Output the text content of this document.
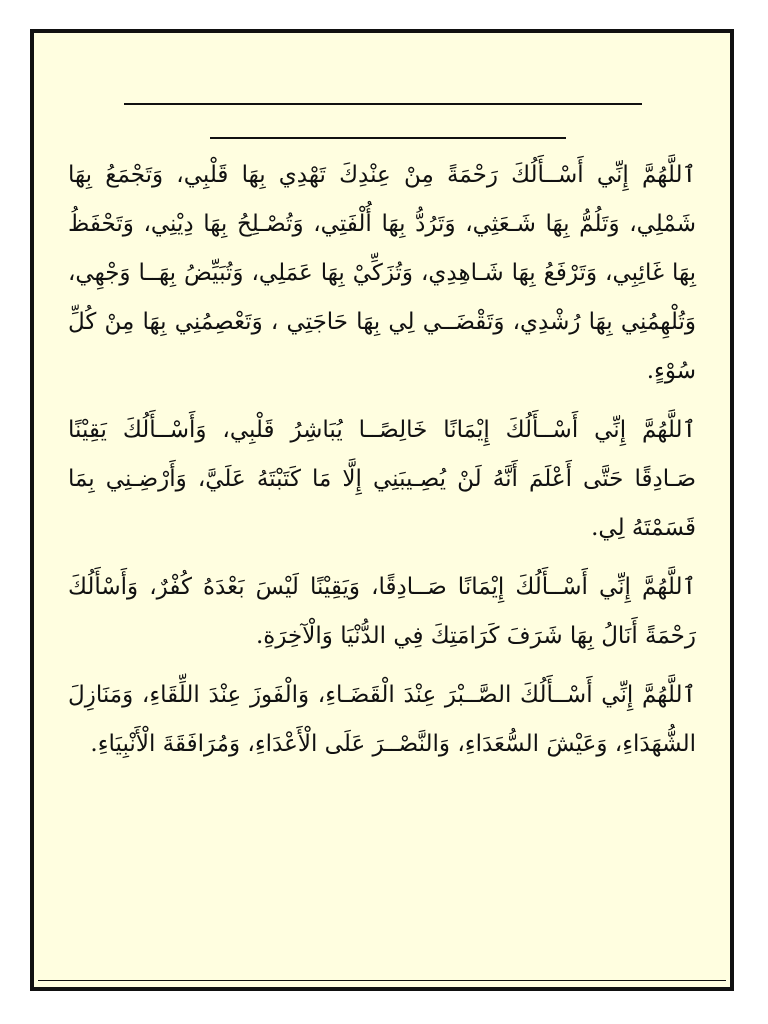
ٱللَّهُمَّ إِنِّي أَسْــأَلُكَ رَحْمَةً مِنْ عِنْدِكَ تَهْدِي بِهَا قَلْبِي، وَتَجْمَعُ بِهَا شَمْلِي، وَتَلُمُّ بِهَا شَـعَثِي، وَتَرُدُّ بِهَا أُلْفَتِي، وَتُصْـلِحُ بِهَا دِيْنِي، وَتَحْفَظُ بِهَا غَائِبِي، وَتَرْفَعُ بِهَا شَـاهِدِي، وَتُزَكِّيْ بِهَا عَمَلِي، وَتُبَيِّضُ بِهَــا وَجْهِي، وَتُلْهِمُنِي بِهَا رُشْدِي، وَتَقْضَــي لِي بِهَا حَاجَتِي ، وَتَعْصِمُنِي بِهَا مِنْ كُلِّ سُوْءٍ.

ٱللَّهُمَّ إِنِّي أَسْــأَلُكَ إِيْمَانًا خَالِصًــا يُبَاشِرُ قَلْبِي، وَأَسْــأَلُكَ يَقِيْنًا صَـادِقًا حَتَّى أَعْلَمَ أَنَّهُ لَنْ يُصِـيبَنِي إِلَّا مَا كَتَبْتَهُ عَلَيَّ، وَأَرْضِـنِي بِمَا قَسَمْتَهُ لِي.

ٱللَّهُمَّ إِنِّي أَسْــأَلُكَ إِيْمَانًا صَــادِقًا، وَيَقِيْنًا لَيْسَ بَعْدَهُ كُفْرٌ، وَأَسْأَلُكَ رَحْمَةً أَنَالُ بِهَا شَرَفَ كَرَامَتِكَ فِي الدُّنْيَا وَالْآخِرَةِ.

ٱللَّهُمَّ إِنِّي أَسْــأَلُكَ الصَّــبْرَ عِنْدَ الْقَضَـاءِ، وَالْفَوزَ عِنْدَ اللِّقَاءِ، وَمَنَازِلَ الشُّهَدَاءِ، وَعَيْشَ السُّعَدَاءِ، وَالنَّصْــرَ عَلَى الْأَعْدَاءِ، وَمُرَافَقَةَ الْأَنْبِيَاءِ.
